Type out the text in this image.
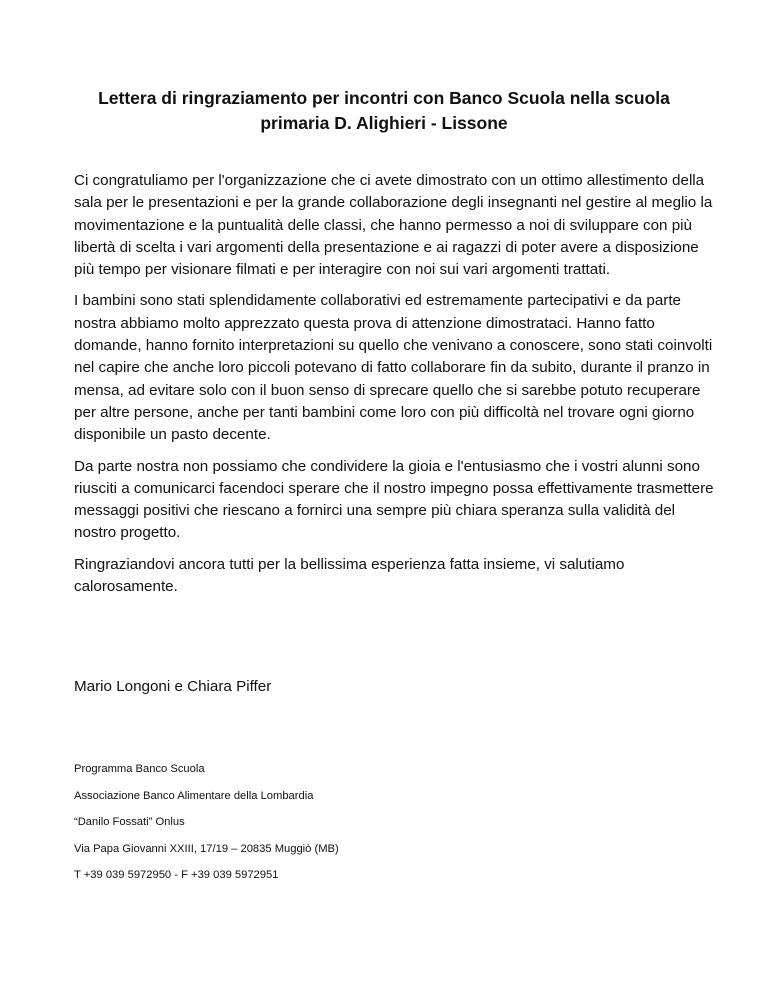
Lettera di ringraziamento per incontri con Banco Scuola nella scuola primaria D. Alighieri - Lissone

Ci congratuliamo per l'organizzazione che ci avete dimostrato con un ottimo allestimento della sala per le presentazioni e per la grande collaborazione degli insegnanti nel gestire al meglio la movimentazione e la puntualità delle classi, che hanno permesso a noi di sviluppare con più libertà di scelta i vari argomenti della presentazione e ai ragazzi di poter avere a disposizione più tempo per visionare filmati e per interagire con noi sui vari argomenti trattati.

I bambini sono stati splendidamente collaborativi ed estremamente partecipativi e da parte nostra abbiamo molto apprezzato questa prova di attenzione dimostrataci. Hanno fatto domande, hanno fornito interpretazioni su quello che venivano a conoscere, sono stati coinvolti nel capire che anche loro piccoli potevano di fatto collaborare fin da subito, durante il pranzo in mensa, ad evitare solo con il buon senso di sprecare quello che si sarebbe potuto recuperare per altre persone, anche per tanti bambini come loro con più difficoltà nel trovare ogni giorno disponibile un pasto decente.

Da parte nostra non possiamo che condividere la gioia e l'entusiasmo che i vostri alunni sono riusciti a comunicarci facendoci sperare che il nostro impegno possa effettivamente trasmettere messaggi positivi che riescano a fornirci una sempre più chiara speranza sulla validità del nostro progetto.

Ringraziandovi ancora tutti per la bellissima esperienza fatta insieme, vi salutiamo calorosamente.

Mario Longoni e Chiara Piffer

Programma Banco Scuola

Associazione Banco Alimentare della Lombardia

“Danilo Fossati” Onlus

Via Papa Giovanni XXIII, 17/19 – 20835 Muggiò (MB)

T +39 039 5972950 - F +39 039 5972951
